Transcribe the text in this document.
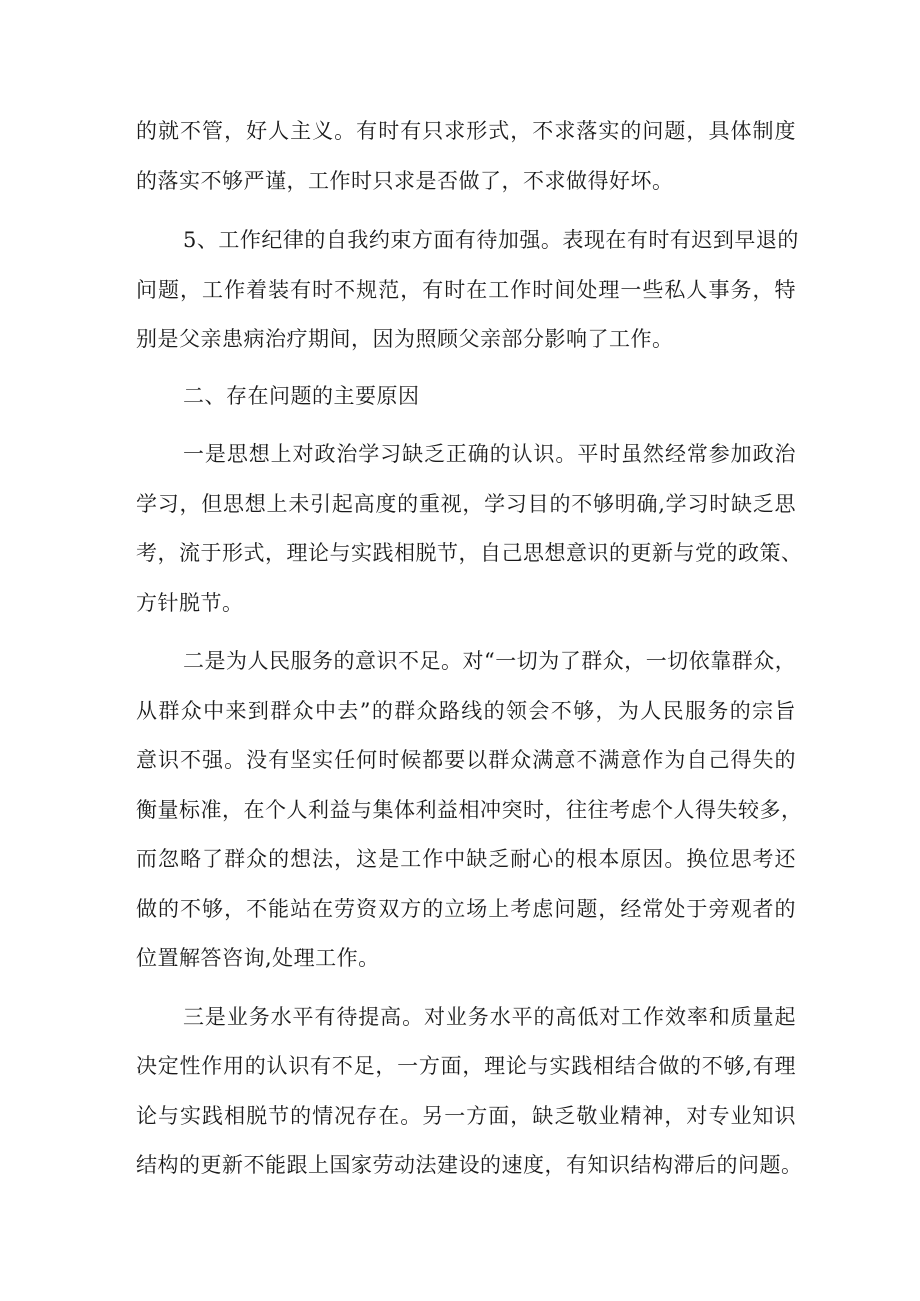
的就不管，好人主义。有时有只求形式，不求落实的问题，具体制度
的落实不够严谨，工作时只求是否做了，不求做得好坏。
5、工作纪律的自我约束方面有待加强。表现在有时有迟到早退的
问题，工作着装有时不规范，有时在工作时间处理一些私人事务，特
别是父亲患病治疗期间，因为照顾父亲部分影响了工作。
二、存在问题的主要原因
一是思想上对政治学习缺乏正确的认识。平时虽然经常参加政治
学习，但思想上未引起高度的重视，学习目的不够明确,学习时缺乏思
考，流于形式，理论与实践相脱节，自己思想意识的更新与党的政策、
方针脱节。
二是为人民服务的意识不足。对“一切为了群众，一切依靠群众，
从群众中来到群众中去”的群众路线的领会不够，为人民服务的宗旨
意识不强。没有坚实任何时候都要以群众满意不满意作为自己得失的
衡量标准，在个人利益与集体利益相冲突时，往往考虑个人得失较多，
而忽略了群众的想法，这是工作中缺乏耐心的根本原因。换位思考还
做的不够，不能站在劳资双方的立场上考虑问题，经常处于旁观者的
位置解答咨询,处理工作。
三是业务水平有待提高。对业务水平的高低对工作效率和质量起
决定性作用的认识有不足，一方面，理论与实践相结合做的不够,有理
论与实践相脱节的情况存在。另一方面，缺乏敬业精神，对专业知识
结构的更新不能跟上国家劳动法建设的速度，有知识结构滞后的问题。
